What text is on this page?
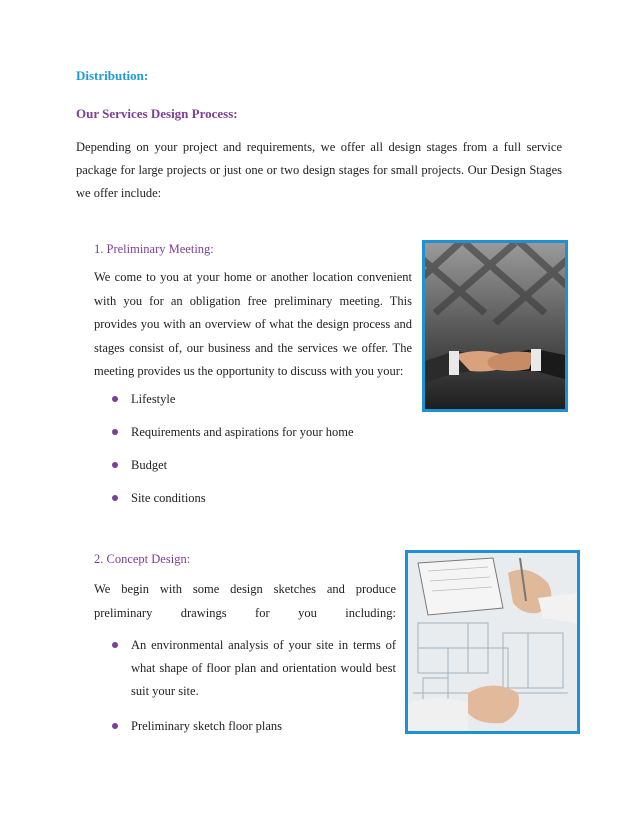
Distribution:
Our Services Design Process:
Depending on your project and requirements, we offer all design stages from a full service package for large projects or just one or two design stages for small projects. Our Design Stages we offer include:
1. Preliminary Meeting:
We come to you at your home or another location convenient with you for an obligation free preliminary meeting. This provides you with an overview of what the design process and stages consist of, our business and the services we offer. The meeting provides us the opportunity to discuss with you your:
Lifestyle
Requirements and aspirations for your home
Budget
Site conditions
2. Concept Design:
We begin with some design sketches and produce preliminary drawings for you including:
An environmental analysis of your site in terms of what shape of floor plan and orientation would best suit your site.
Preliminary sketch floor plans
